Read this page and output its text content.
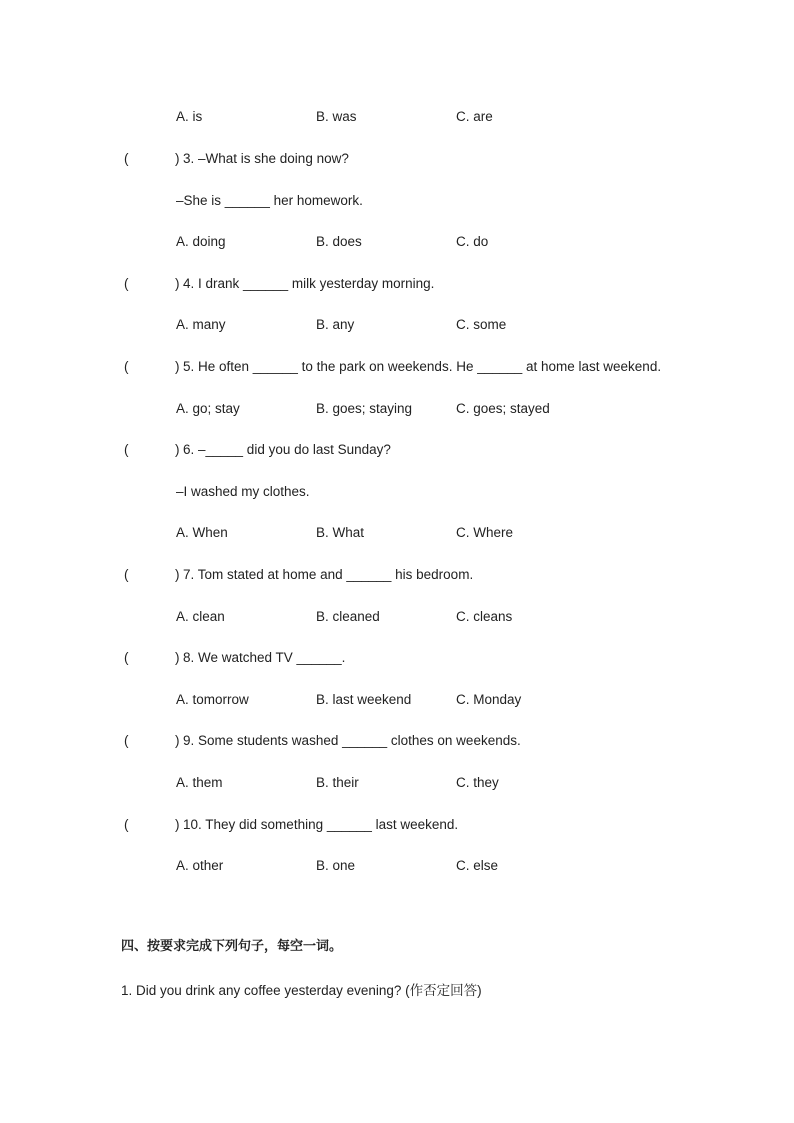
A. is	B. was	C. are
(	) 3. –What is she doing now?
–She is ______ her homework.
A. doing	B. does	C. do
(	) 4. I drank ______ milk yesterday morning.
A. many	B. any	C. some
(	) 5. He often ______ to the park on weekends. He ______ at home last weekend.
A. go; stay	B. goes; staying	C. goes; stayed
(	) 6. –_____ did you do last Sunday?
–I washed my clothes.
A. When	B. What	C. Where
(	) 7. Tom stated at home and ______ his bedroom.
A. clean	B. cleaned	C. cleans
(	) 8. We watched TV ______.
A. tomorrow	B. last weekend	C. Monday
(	) 9. Some students washed ______ clothes on weekends.
A. them	B. their	C. they
(	) 10. They did something ______ last weekend.
A. other	B. one	C. else
四、按要求完成下列句子，每空一词。
1. Did you drink any coffee yesterday evening? (作否定回答)
